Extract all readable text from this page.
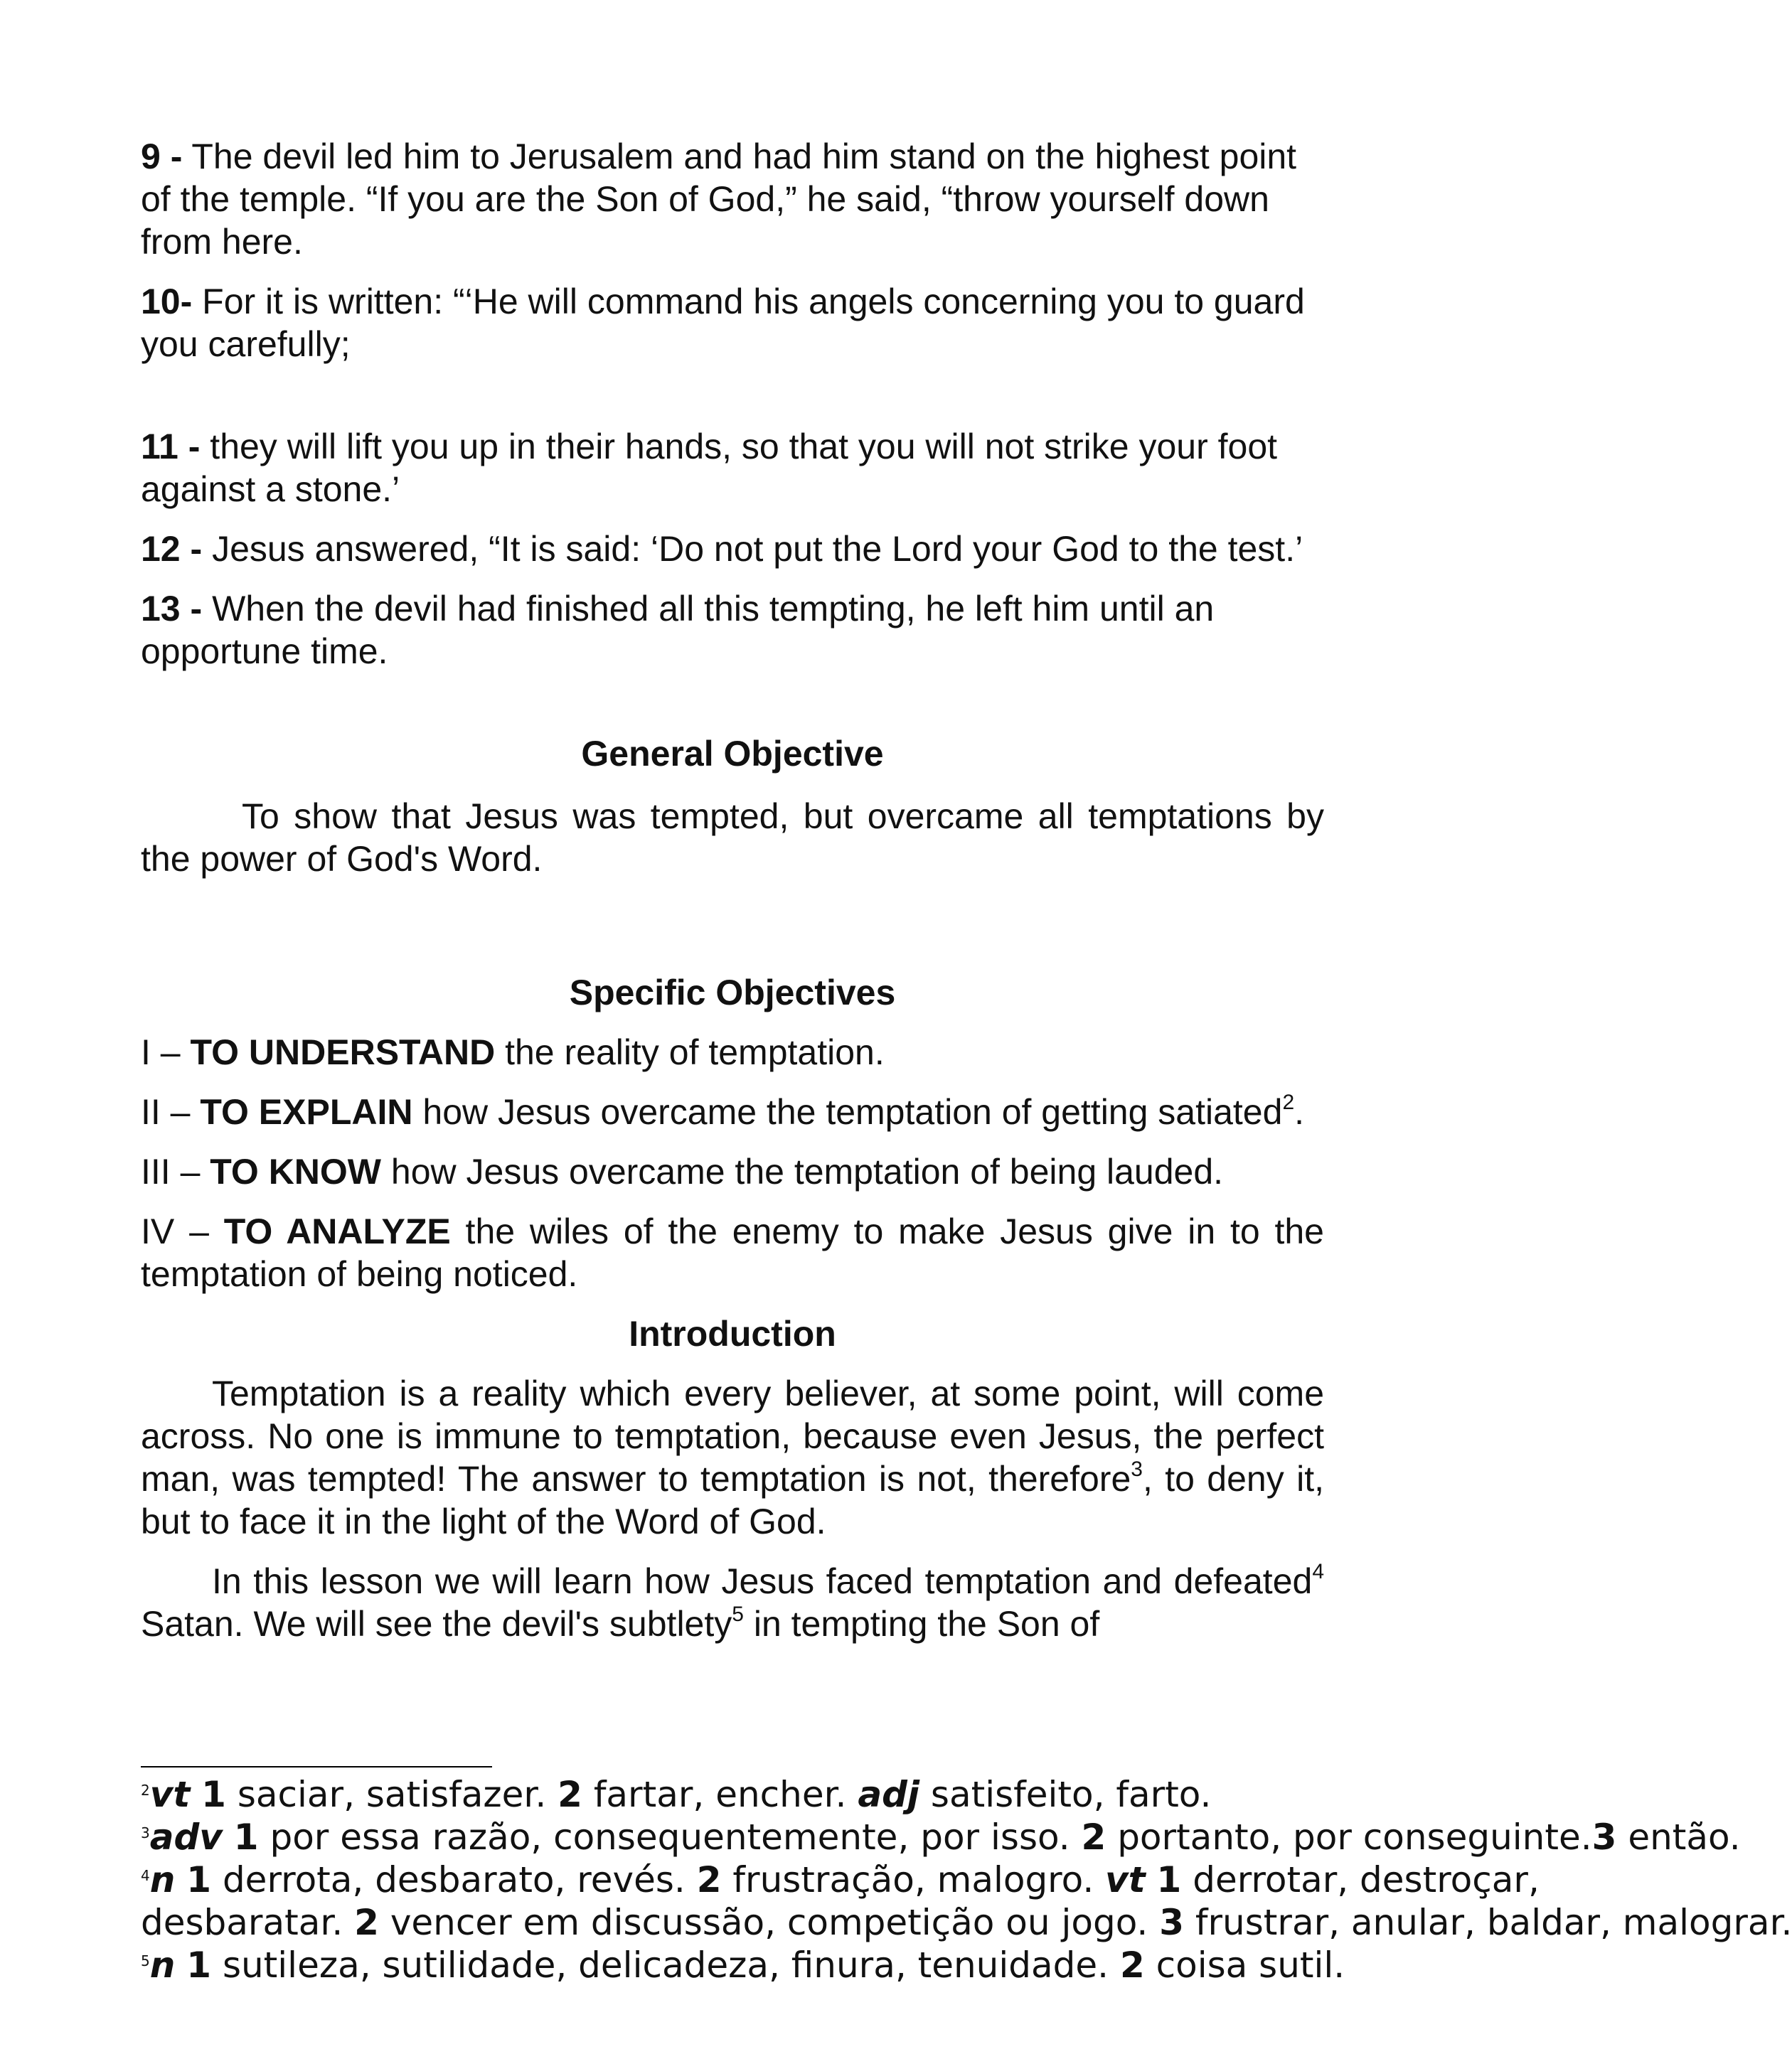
9 - The devil led him to Jerusalem and had him stand on the highest point of the temple. “If you are the Son of God,” he said, “throw yourself down from here.

10- For it is written: “‘He will command his angels concerning you to guard you carefully;

11 - they will lift you up in their hands, so that you will not strike your foot against a stone.’

12 - Jesus answered, “It is said: ‘Do not put the Lord your God to the test.’

13 - When the devil had finished all this tempting, he left him until an opportune time.

General Objective

To show that Jesus was tempted, but overcame all temptations by the power of God's Word.

Specific Objectives

I – TO UNDERSTAND the reality of temptation.

II – TO EXPLAIN how Jesus overcame the temptation of getting satiated$^2$.

III – TO KNOW how Jesus overcame the temptation of being lauded.

IV – TO ANALYZE the wiles of the enemy to make Jesus give in to the temptation of being noticed.

Introduction

Temptation is a reality which every believer, at some point, will come across. No one is immune to temptation, because even Jesus, the perfect man, was tempted! The answer to temptation is not, therefore$^3$, to deny it, but to face it in the light of the Word of God.

In this lesson we will learn how Jesus faced temptation and defeated$^4$ Satan. We will see the devil's subtlety$^5$ in tempting the Son of

$^2$vt 1 saciar, satisfazer. 2 fartar, encher. adj satisfeito, farto.

$^3$adv 1 por essa razão, consequentemente, por isso. 2 portanto, por conseguinte.3 então.

$^4$n 1 derrota, desbarato, revés. 2 frustração, malogro. vt 1 derrotar, destroçar,

desbaratar. 2 vencer em discussão, competição ou jogo. 3 frustrar, anular, baldar, malograr.

$^5$n 1 sutileza, sutilidade, delicadeza, finura, tenuidade. 2 coisa sutil.
